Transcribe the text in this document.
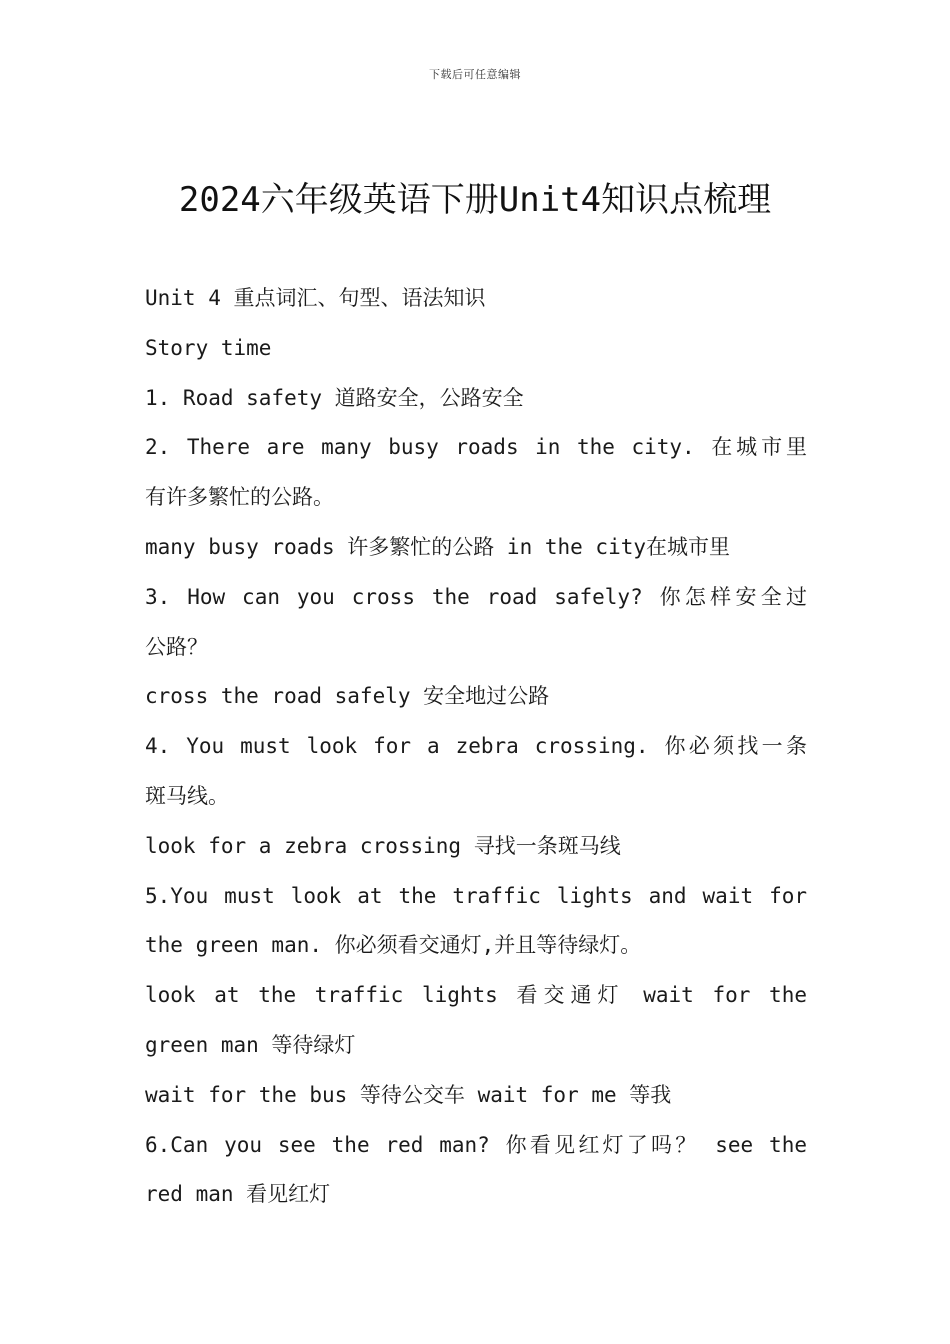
下载后可任意编辑
2024六年级英语下册Unit4知识点梳理
Unit 4 重点词汇、句型、语法知识
Story time
1. Road safety 道路安全，公路安全
2. There are many busy roads in the city. 在城市里
有许多繁忙的公路。
many busy roads 许多繁忙的公路 in the city在城市里
3. How can you cross the road safely? 你怎样安全过
公路？
cross the road safely 安全地过公路
4. You must look for a zebra crossing. 你必须找一条
斑马线。
look for a zebra crossing 寻找一条斑马线
5.You must look at the traffic lights and wait for
the green man. 你必须看交通灯,并且等待绿灯。
look at the traffic lights 看交通灯 wait for the
green man 等待绿灯
wait for the bus 等待公交车 wait for me 等我
6.Can you see the red man? 你看见红灯了吗？ see the
red man 看见红灯
